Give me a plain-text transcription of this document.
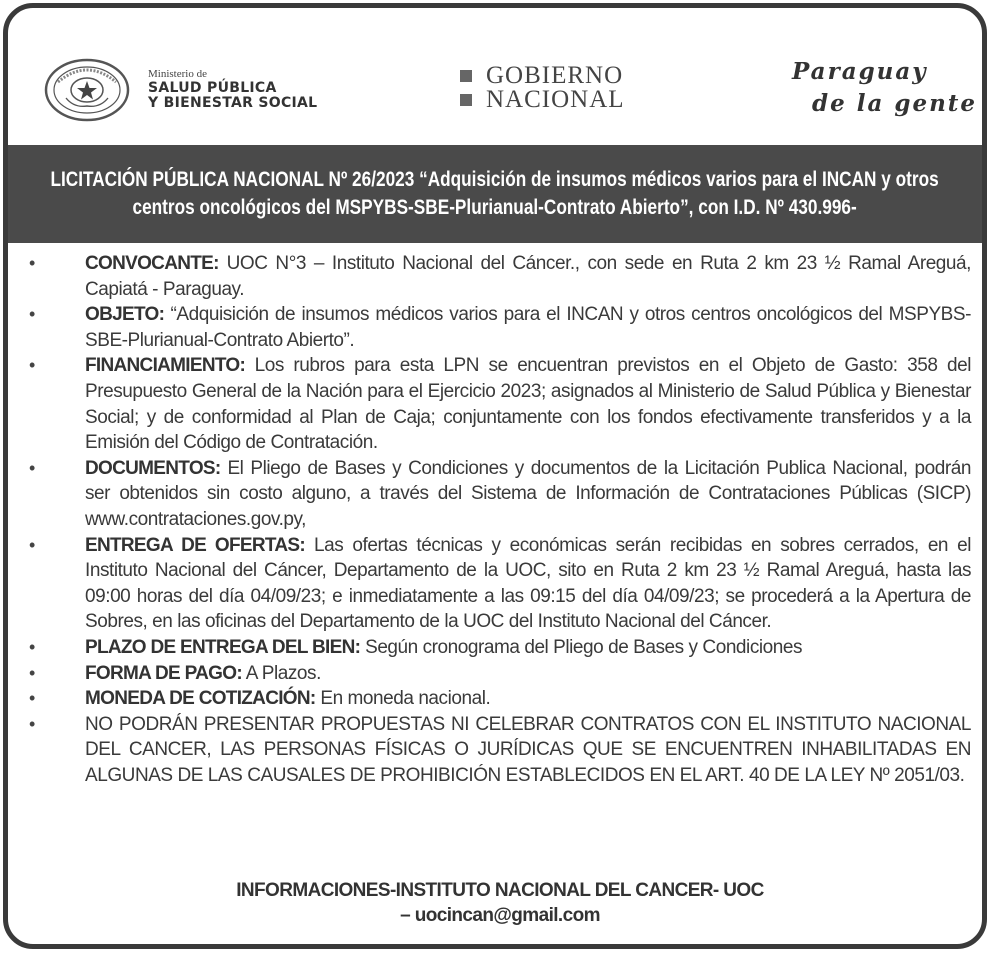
Ministerio de
SALUD PÚBLICA
Y BIENESTAR SOCIAL
GOBIERNO
NACIONAL
Paraguay
de la gente
LICITACIÓN PÚBLICA NACIONAL Nº 26/2023 “Adquisición de insumos médicos varios para el INCAN y otros
centros oncológicos del MSPYBS-SBE-Plurianual-Contrato Abierto”, con I.D. Nº 430.996-
•	CONVOCANTE: UOC N°3 – Instituto Nacional del Cáncer., con sede en Ruta 2 km 23 ½ Ramal Areguá, Capiatá - Paraguay.
•	OBJETO: “Adquisición de insumos médicos varios para el INCAN y otros centros oncológicos del MSPYBS-SBE-Plurianual-Contrato Abierto”.
•	FINANCIAMIENTO: Los rubros para esta LPN se encuentran previstos en el Objeto de Gasto: 358 del Presupuesto General de la Nación para el Ejercicio 2023; asignados al Ministerio de Salud Pública y Bienestar Social; y de conformidad al Plan de Caja; conjuntamente con los fondos efectivamente transferidos y a la Emisión del Código de Contratación.
•	DOCUMENTOS: El Pliego de Bases y Condiciones y documentos de la Licitación Publica Nacional, podrán ser obtenidos sin costo alguno, a través del Sistema de Información de Contrataciones Públicas (SICP) www.contrataciones.gov.py,
•	ENTREGA DE OFERTAS: Las ofertas técnicas y económicas serán recibidas en sobres cerrados, en el Instituto Nacional del Cáncer, Departamento de la UOC, sito en Ruta 2 km 23 ½ Ramal Areguá, hasta las 09:00 horas del día 04/09/23; e inmediatamente a las 09:15 del día 04/09/23; se procederá a la Apertura de Sobres, en las oficinas del Departamento de la UOC del Instituto Nacional del Cáncer.
•	PLAZO DE ENTREGA DEL BIEN: Según cronograma del Pliego de Bases y Condiciones
•	FORMA DE PAGO: A Plazos.
•	MONEDA DE COTIZACIÓN: En moneda nacional.
•	NO PODRÁN PRESENTAR PROPUESTAS NI CELEBRAR CONTRATOS CON EL INSTITUTO NACIONAL DEL CANCER, LAS PERSONAS FÍSICAS O JURÍDICAS QUE SE ENCUENTREN INHABILITADAS EN ALGUNAS DE LAS CAUSALES DE PROHIBICIÓN ESTABLECIDOS EN EL ART. 40 DE LA LEY Nº 2051/03.
INFORMACIONES-INSTITUTO NACIONAL DEL CANCER- UOC
– uocincan@gmail.com
